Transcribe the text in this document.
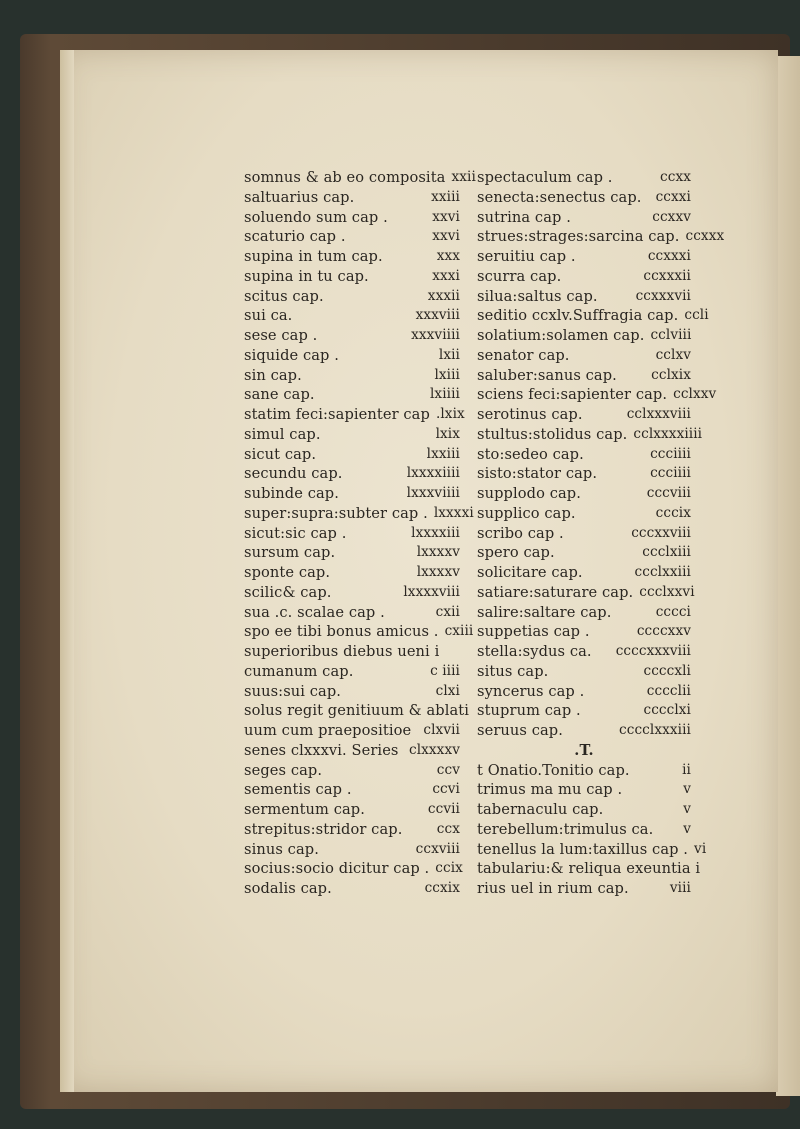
somnus & ab eo composita xxii
saltuarius cap.	xxiii
soluendo sum cap .	xxvi
scaturio cap .	xxvi
supina in tum cap.	xxx
supina in tu cap.	xxxi
scitus cap.	xxxii
sui ca.	xxxviii
sese cap .	xxxviiii
siquide cap .	lxii
sin cap.	lxiii
sane cap.	lxiiii
statim feci:sapienter cap .lxix
simul cap.	lxix
sicut cap.	lxxiii
secundu cap.	lxxxxiiii
subinde cap.	lxxxviiii
super:supra:subter cap . lxxxxi
sicut:sic cap .	lxxxxiii
sursum cap.	lxxxxv
sponte cap.	lxxxxv
scilic& cap.	lxxxxviii
sua .c. scalae cap .	cxii
spo ee tibi bonus amicus . cxiii
superioribus diebus ueni i
cumanum cap.	c iiii
suus:sui cap.	clxi
solus regit genitiuum & ablati
uum cum praepositioe clxvii
senes clxxxvi. Series clxxxxv
seges cap.	ccv
sementis cap .	ccvi
sermentum cap.	ccvii
strepitus:stridor cap.	ccx
sinus cap.	ccxviii
socius:socio dicitur cap . ccix
sodalis cap.	ccxix
spectaculum cap .	ccxx
senecta:senectus cap.	ccxxi
sutrina cap .	ccxxv
strues:strages:sarcina cap. ccxxx
seruitiu cap .	ccxxxi
scurra cap.	ccxxxii
silua:saltus cap.	ccxxxvii
seditio ccxlv.Suffragia cap. ccli
solatium:solamen cap. cclviii
senator cap.	cclxv
saluber:sanus cap.	cclxix
sciens feci:sapienter cap. cclxxv
serotinus cap.	cclxxxviii
stultus:stolidus cap. cclxxxxiiii
sto:sedeo cap.	ccciiii
sisto:stator cap.	ccciiii
supplodo cap.	cccviii
supplico cap.	cccix
scribo cap .	cccxxviii
spero cap.	ccclxiii
solicitare cap.	ccclxxiii
satiare:saturare cap. ccclxxvi
salire:saltare cap.	cccci
suppetias cap .	ccccxxv
stella:sydus ca.	ccccxxxviii
situs cap.	ccccxli
syncerus cap .	cccclii
stuprum cap .	cccclxi
seruus cap.	cccclxxxiii
.T.
t Onatio.Tonitio cap.	ii
trimus ma mu cap .	v
tabernaculu cap.	v
terebellum:trimulus ca.	v
tenellus la lum:taxillus cap . vi
tabulariu:& reliqua exeuntia i
rius uel in rium cap.	viii
